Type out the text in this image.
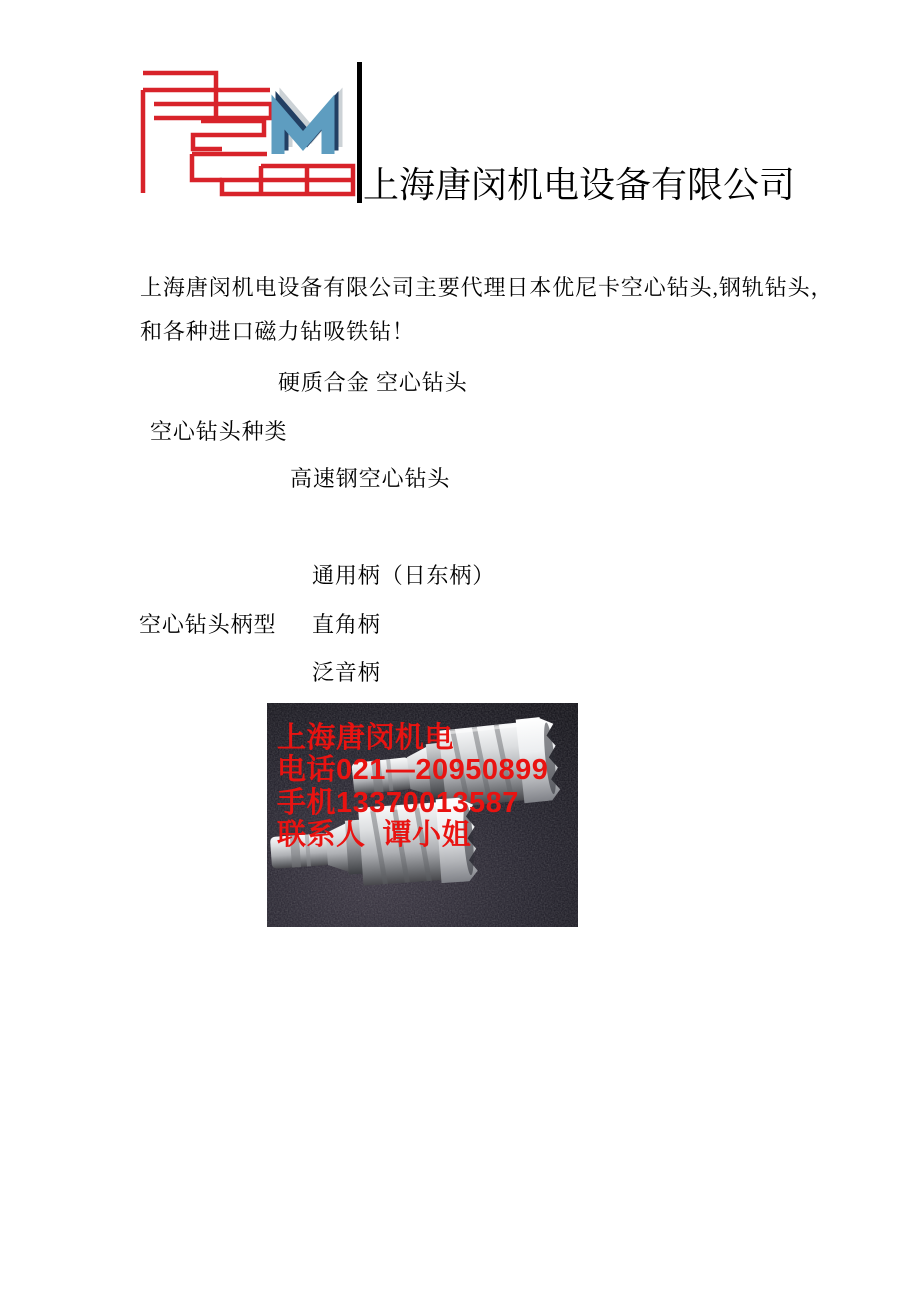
上海唐闵机电设备有限公司
上海唐闵机电设备有限公司主要代理日本优尼卡空心钻头,钢轨钻头，
和各种进口磁力钻吸铁钻！
硬质合金 空心钻头
空心钻头种类
高速钢空心钻头
通用柄（日东柄）
空心钻头柄型 直角柄
泛音柄
上海唐闵机电
电话021—20950899
手机13370013587
联系人  谭小姐
